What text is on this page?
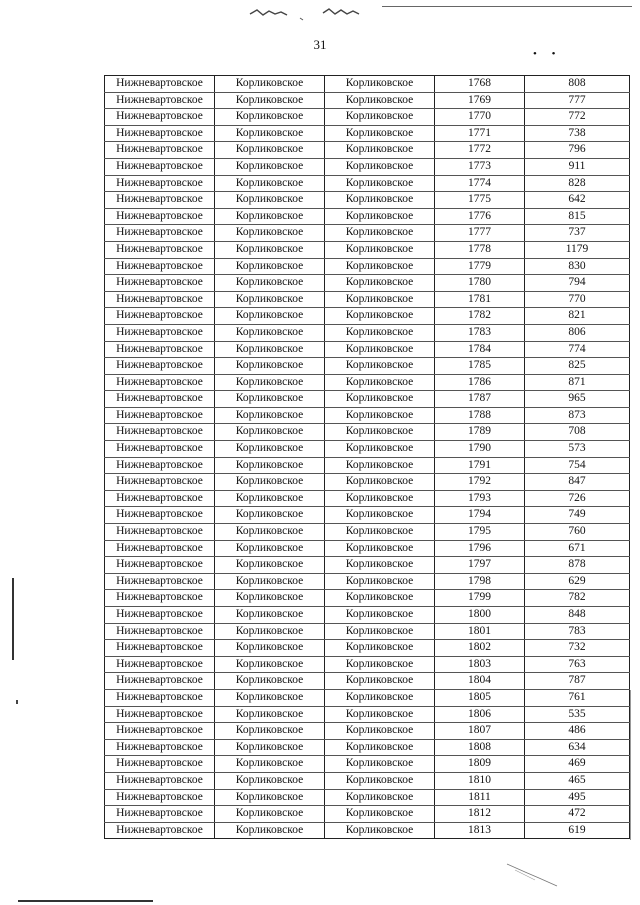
31
• •
Нижневартовское	Корликовское	Корликовское	1768	808
Нижневартовское	Корликовское	Корликовское	1769	777
Нижневартовское	Корликовское	Корликовское	1770	772
Нижневартовское	Корликовское	Корликовское	1771	738
Нижневартовское	Корликовское	Корликовское	1772	796
Нижневартовское	Корликовское	Корликовское	1773	911
Нижневартовское	Корликовское	Корликовское	1774	828
Нижневартовское	Корликовское	Корликовское	1775	642
Нижневартовское	Корликовское	Корликовское	1776	815
Нижневартовское	Корликовское	Корликовское	1777	737
Нижневартовское	Корликовское	Корликовское	1778	1179
Нижневартовское	Корликовское	Корликовское	1779	830
Нижневартовское	Корликовское	Корликовское	1780	794
Нижневартовское	Корликовское	Корликовское	1781	770
Нижневартовское	Корликовское	Корликовское	1782	821
Нижневартовское	Корликовское	Корликовское	1783	806
Нижневартовское	Корликовское	Корликовское	1784	774
Нижневартовское	Корликовское	Корликовское	1785	825
Нижневартовское	Корликовское	Корликовское	1786	871
Нижневартовское	Корликовское	Корликовское	1787	965
Нижневартовское	Корликовское	Корликовское	1788	873
Нижневартовское	Корликовское	Корликовское	1789	708
Нижневартовское	Корликовское	Корликовское	1790	573
Нижневартовское	Корликовское	Корликовское	1791	754
Нижневартовское	Корликовское	Корликовское	1792	847
Нижневартовское	Корликовское	Корликовское	1793	726
Нижневартовское	Корликовское	Корликовское	1794	749
Нижневартовское	Корликовское	Корликовское	1795	760
Нижневартовское	Корликовское	Корликовское	1796	671
Нижневартовское	Корликовское	Корликовское	1797	878
Нижневартовское	Корликовское	Корликовское	1798	629
Нижневартовское	Корликовское	Корликовское	1799	782
Нижневартовское	Корликовское	Корликовское	1800	848
Нижневартовское	Корликовское	Корликовское	1801	783
Нижневартовское	Корликовское	Корликовское	1802	732
Нижневартовское	Корликовское	Корликовское	1803	763
Нижневартовское	Корликовское	Корликовское	1804	787
Нижневартовское	Корликовское	Корликовское	1805	761
Нижневартовское	Корликовское	Корликовское	1806	535
Нижневартовское	Корликовское	Корликовское	1807	486
Нижневартовское	Корликовское	Корликовское	1808	634
Нижневартовское	Корликовское	Корликовское	1809	469
Нижневартовское	Корликовское	Корликовское	1810	465
Нижневартовское	Корликовское	Корликовское	1811	495
Нижневартовское	Корликовское	Корликовское	1812	472
Нижневартовское	Корликовское	Корликовское	1813	619
